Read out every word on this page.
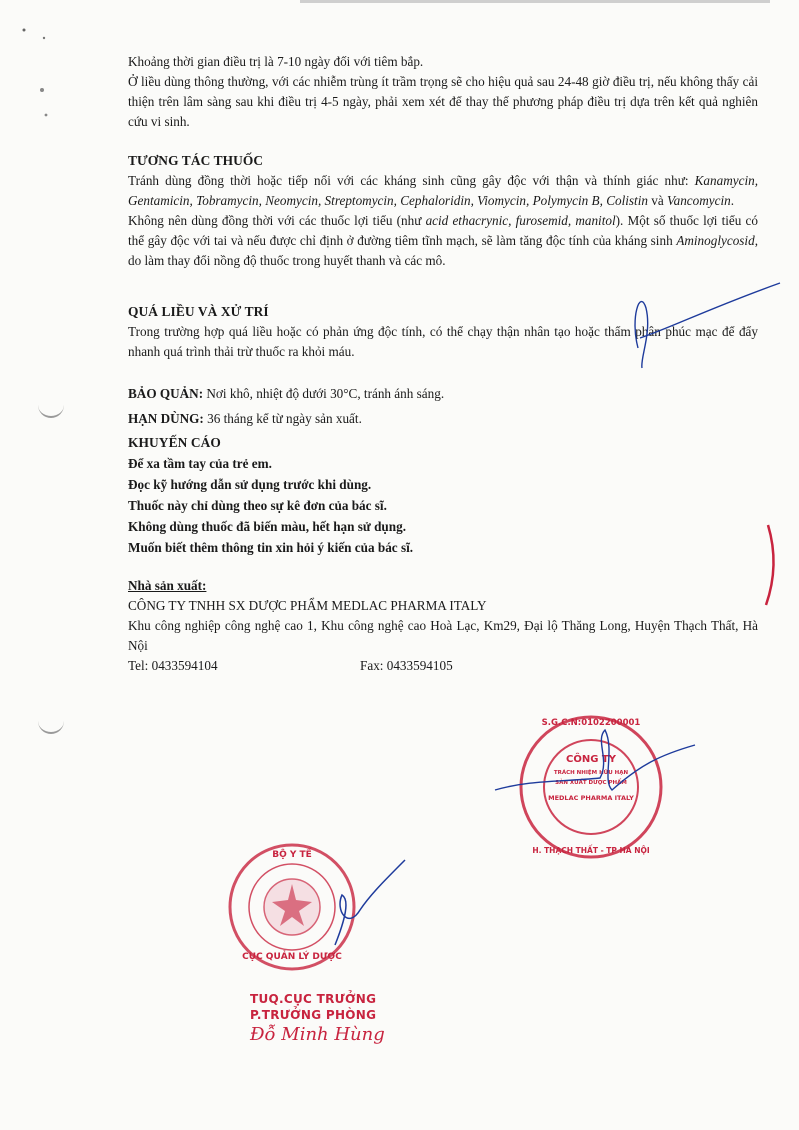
Khoảng thời gian điều trị là 7-10 ngày đối với tiêm bắp.

Ở liều dùng thông thường, với các nhiễm trùng ít trầm trọng sẽ cho hiệu quả sau 24-48 giờ điều trị, nếu không thấy cải thiện trên lâm sàng sau khi điều trị 4-5 ngày, phải xem xét để thay thế phương pháp điều trị dựa trên kết quả nghiên cứu vi sinh.

TƯƠNG TÁC THUỐC

Tránh dùng đồng thời hoặc tiếp nối với các kháng sinh cũng gây độc với thận và thính giác như: Kanamycin, Gentamicin, Tobramycin, Neomycin, Streptomycin, Cephaloridin, Viomycin, Polymycin B, Colistin và Vancomycin.

Không nên dùng đồng thời với các thuốc lợi tiểu (như acid ethacrynic, furosemid, manitol). Một số thuốc lợi tiểu có thể gây độc với tai và nếu được chỉ định ở đường tiêm tĩnh mạch, sẽ làm tăng độc tính của kháng sinh Aminoglycosid, do làm thay đổi nồng độ thuốc trong huyết thanh và các mô.

QUÁ LIỀU VÀ XỬ TRÍ

Trong trường hợp quá liều hoặc có phản ứng độc tính, có thể chạy thận nhân tạo hoặc thẩm phân phúc mạc để đẩy nhanh quá trình thải trừ thuốc ra khỏi máu.

BẢO QUẢN: Nơi khô, nhiệt độ dưới 30°C, tránh ánh sáng.
HẠN DÙNG: 36 tháng kể từ ngày sản xuất.

KHUYẾN CÁO

Để xa tầm tay của trẻ em.

Đọc kỹ hướng dẫn sử dụng trước khi dùng.

Thuốc này chỉ dùng theo sự kê đơn của bác sĩ.

Không dùng thuốc đã biến màu, hết hạn sử dụng.

Muốn biết thêm thông tin xin hỏi ý kiến của bác sĩ.

Nhà sản xuất:

CÔNG TY TNHH SX DƯỢC PHẨM MEDLAC PHARMA ITALY

Khu công nghiệp công nghệ cao 1, Khu công nghệ cao Hoà Lạc, Km29, Đại lộ Thăng Long, Huyện Thạch Thất, Hà Nội

Tel: 0433594104	Fax: 0433594105

S.G.C.N:0102200001
H. THẠCH THẤT - TP HÀ NỘI
CÔNG TY
TRÁCH NHIỆM HỮU HẠN
SẢN XUẤT DƯỢC PHẨM
MEDLAC PHARMA ITALY
BỘ Y TẾ
CỤC QUẢN LÝ DƯỢC
TUQ.CỤC TRƯỞNG
P.TRƯỞNG PHÒNG
Đỗ Minh Hùng
